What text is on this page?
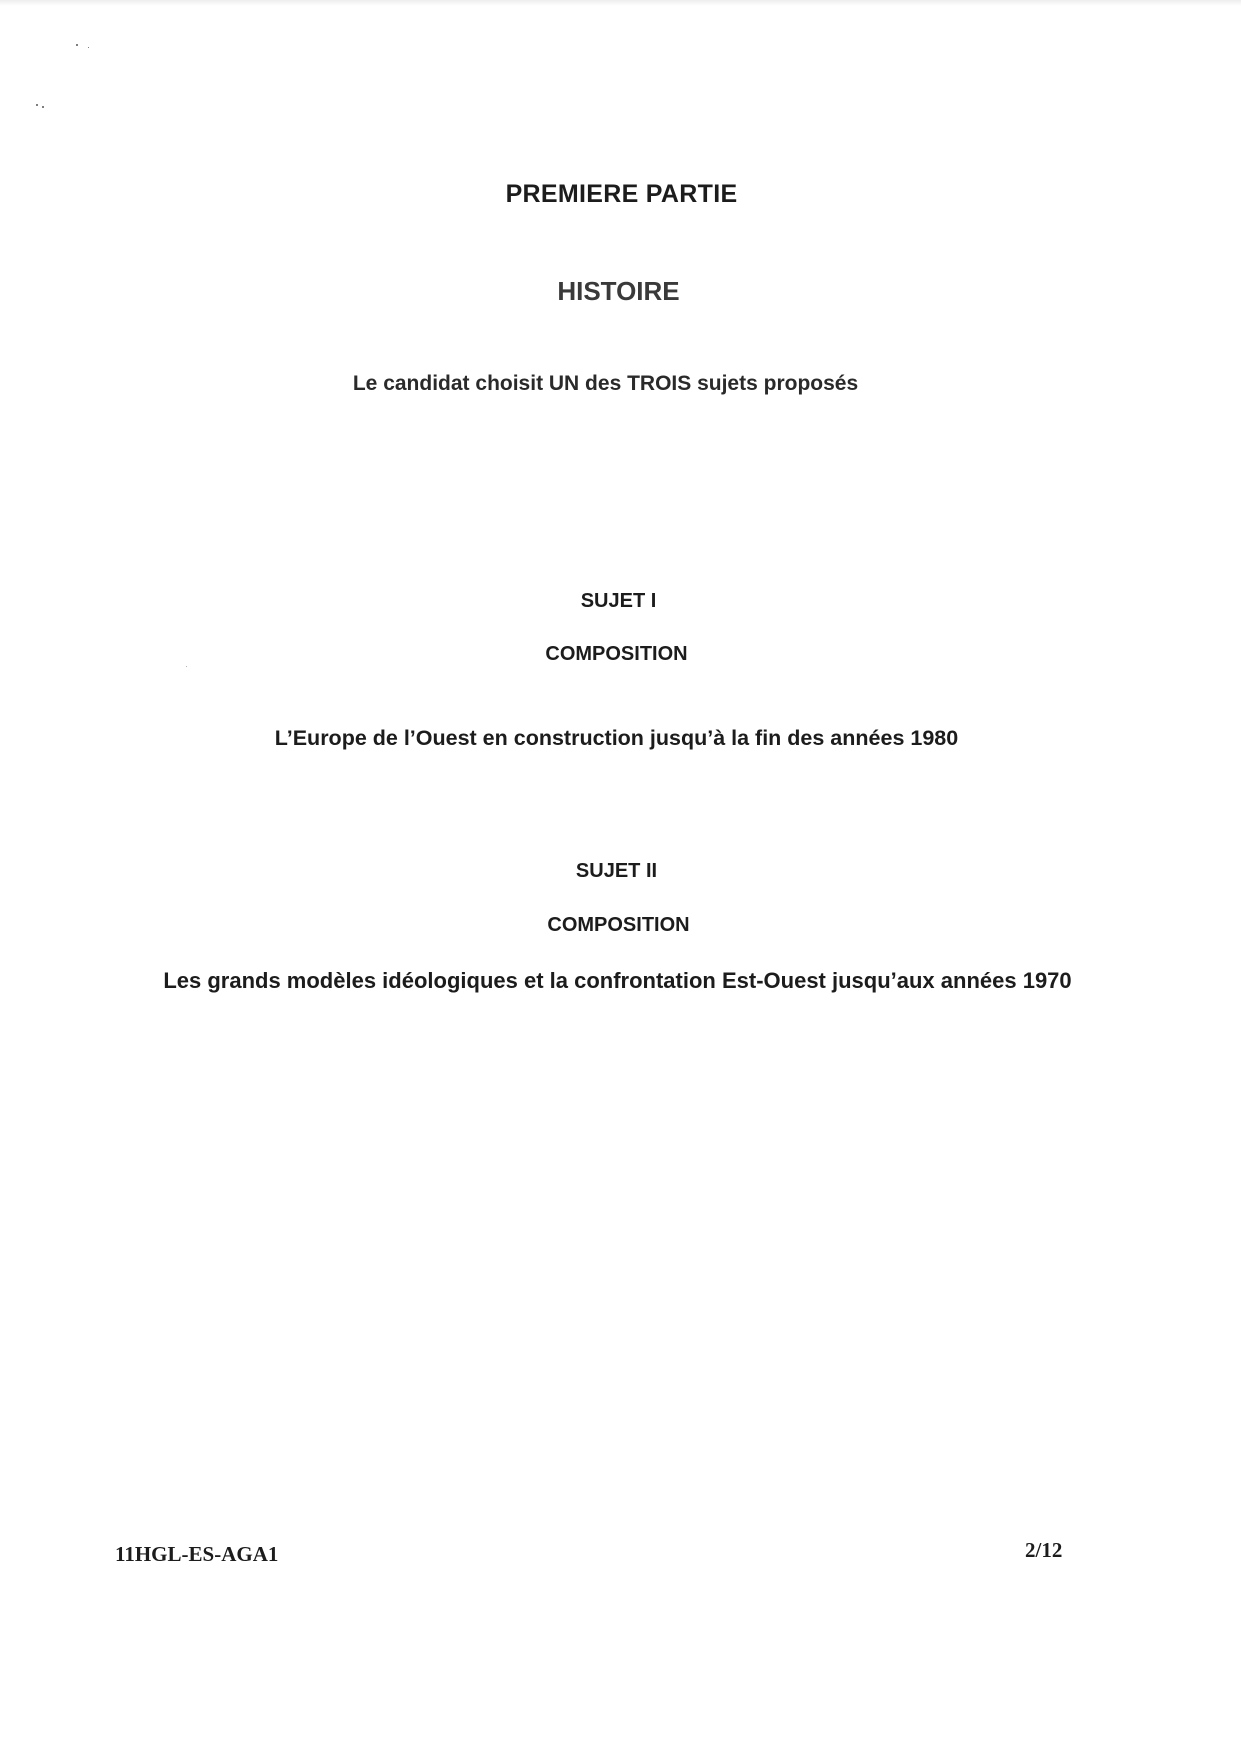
PREMIERE PARTIE
HISTOIRE
Le candidat choisit UN des TROIS sujets proposés
SUJET I
COMPOSITION
L’Europe de l’Ouest en construction jusqu’à la fin des années 1980
SUJET II
COMPOSITION
Les grands modèles idéologiques et la confrontation Est-Ouest jusqu’aux années 1970
11HGL-ES-AGA1	2/12
